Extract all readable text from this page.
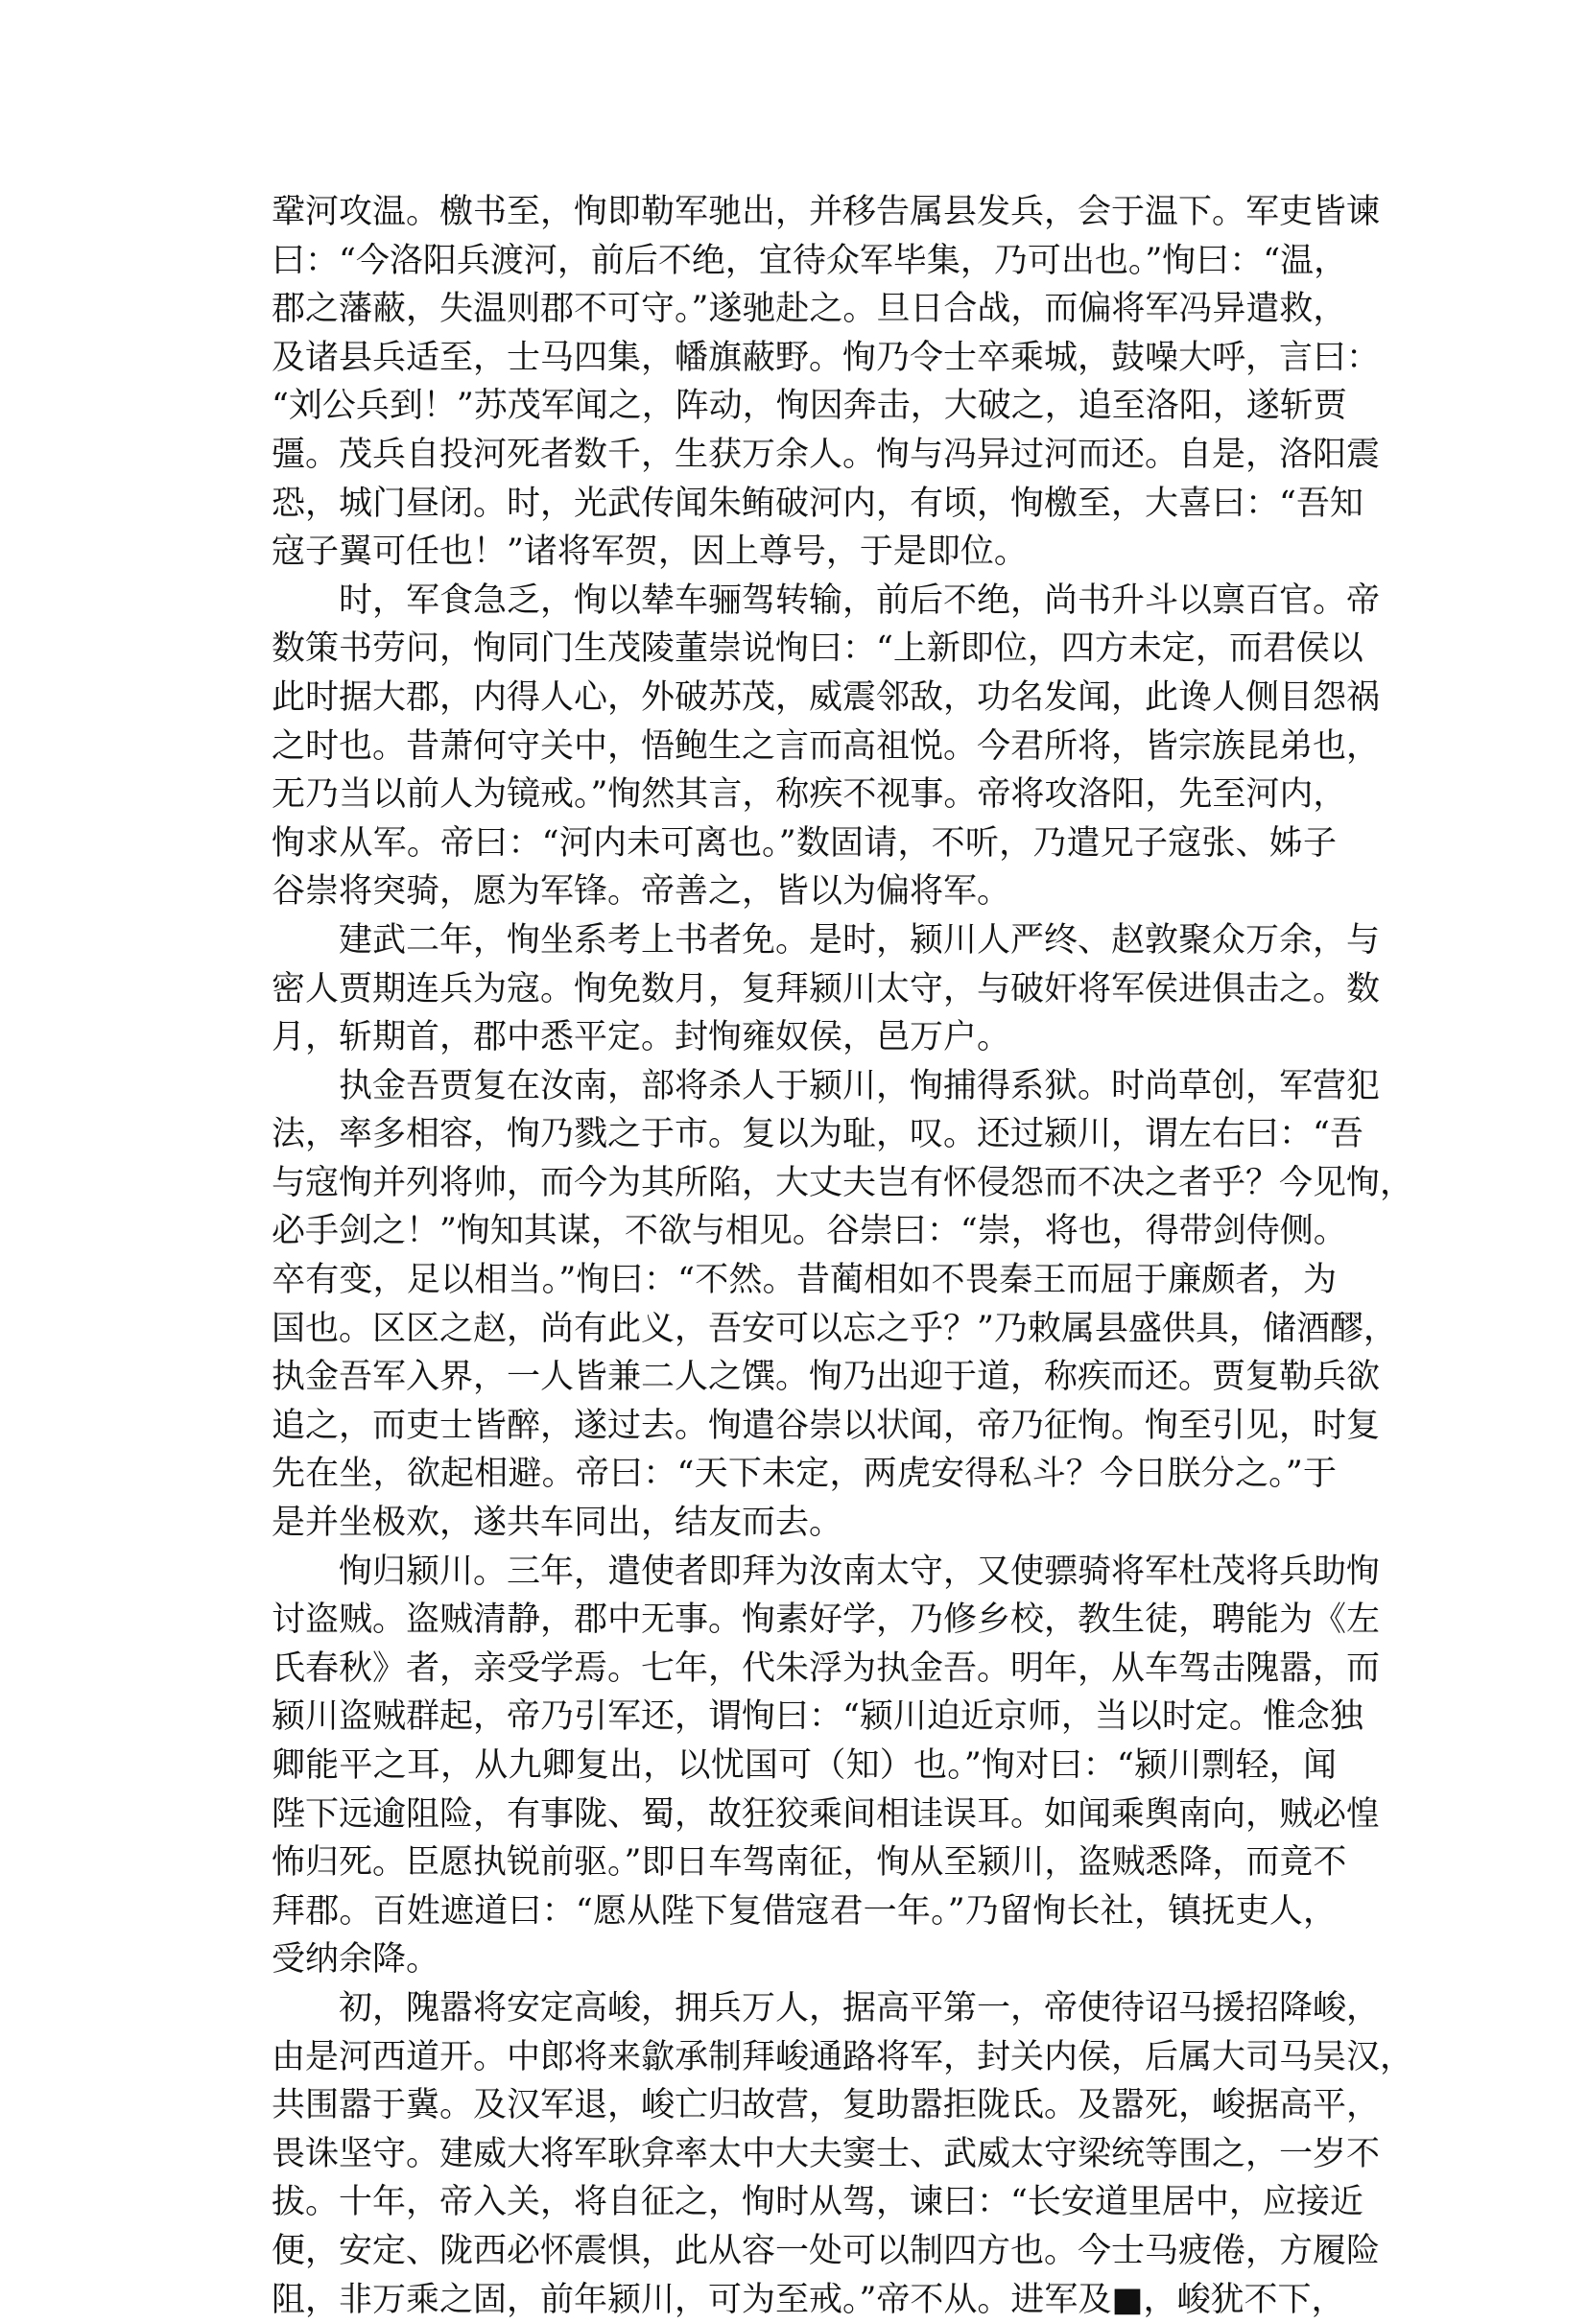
鞏河攻温。檄书至，恂即勒军驰出，并移告属县发兵，会于温下。军吏皆谏
曰：“今洛阳兵渡河，前后不绝，宜待众军毕集，乃可出也。”恂曰：“温，
郡之藩蔽，失温则郡不可守。”遂驰赴之。旦日合战，而偏将军冯异遣救，
及诸县兵适至，士马四集，幡旗蔽野。恂乃令士卒乘城，鼓噪大呼，言曰：
“刘公兵到！”苏茂军闻之，阵动，恂因奔击，大破之，追至洛阳，遂斩贾
彊。茂兵自投河死者数千，生获万余人。恂与冯异过河而还。自是，洛阳震
恐，城门昼闭。时，光武传闻朱鲔破河内，有顷，恂檄至，大喜曰：“吾知
寇子翼可任也！”诸将军贺，因上尊号，于是即位。
时，军食急乏，恂以辇车骊驾转输，前后不绝，尚书升斗以禀百官。帝
数策书劳问，恂同门生茂陵董崇说恂曰：“上新即位，四方未定，而君侯以
此时据大郡，内得人心，外破苏茂，威震邻敌，功名发闻，此谗人侧目怨祸
之时也。昔萧何守关中，悟鲍生之言而高祖悦。今君所将，皆宗族昆弟也，
无乃当以前人为镜戒。”恂然其言，称疾不视事。帝将攻洛阳，先至河内，
恂求从军。帝曰：“河内未可离也。”数固请，不听，乃遣兄子寇张、姊子
谷崇将突骑，愿为军锋。帝善之，皆以为偏将军。
建武二年，恂坐系考上书者免。是时，颍川人严终、赵敦聚众万余，与
密人贾期连兵为寇。恂免数月，复拜颍川太守，与破奸将军侯进俱击之。数
月，斩期首，郡中悉平定。封恂雍奴侯，邑万户。
执金吾贾复在汝南，部将杀人于颍川，恂捕得系狱。时尚草创，军营犯
法，率多相容，恂乃戮之于市。复以为耻，叹。还过颍川，谓左右曰：“吾
与寇恂并列将帅，而今为其所陷，大丈夫岂有怀侵怨而不决之者乎？今见恂，
必手剑之！”恂知其谋，不欲与相见。谷崇曰：“崇，将也，得带剑侍侧。
卒有变，足以相当。”恂曰：“不然。昔蔺相如不畏秦王而屈于廉颇者，为
国也。区区之赵，尚有此义，吾安可以忘之乎？”乃敕属县盛供具，储酒醪，
执金吾军入界，一人皆兼二人之馔。恂乃出迎于道，称疾而还。贾复勒兵欲
追之，而吏士皆醉，遂过去。恂遣谷崇以状闻，帝乃征恂。恂至引见，时复
先在坐，欲起相避。帝曰：“天下未定，两虎安得私斗？今日朕分之。”于
是并坐极欢，遂共车同出，结友而去。
恂归颍川。三年，遣使者即拜为汝南太守，又使骠骑将军杜茂将兵助恂
讨盗贼。盗贼清静，郡中无事。恂素好学，乃修乡校，教生徒，聘能为《左
氏春秋》者，亲受学焉。七年，代朱浮为执金吾。明年，从车驾击隗嚣，而
颍川盗贼群起，帝乃引军还，谓恂曰：“颍川迫近京师，当以时定。惟念独
卿能平之耳，从九卿复出，以忧国可（知）也。”恂对曰：“颍川剽轻，闻
陛下远逾阻险，有事陇、蜀，故狂狡乘间相诖误耳。如闻乘舆南向，贼必惶
怖归死。臣愿执锐前驱。”即日车驾南征，恂从至颍川，盗贼悉降，而竟不
拜郡。百姓遮道曰：“愿从陛下复借寇君一年。”乃留恂长社，镇抚吏人，
受纳余降。
初，隗嚣将安定高峻，拥兵万人，据高平第一，帝使待诏马援招降峻，
由是河西道开。中郎将来歙承制拜峻通路将军，封关内侯，后属大司马吴汉，
共围嚣于冀。及汉军退，峻亡归故营，复助嚣拒陇氐。及嚣死，峻据高平，
畏诛坚守。建威大将军耿弇率太中大夫窦士、武威太守梁统等围之，一岁不
拔。十年，帝入关，将自征之，恂时从驾，谏曰：“长安道里居中，应接近
便，安定、陇西必怀震惧，此从容一处可以制四方也。今士马疲倦，方履险
阻，非万乘之固，前年颍川，可为至戒。”帝不从。进军及■，峻犹不下，
